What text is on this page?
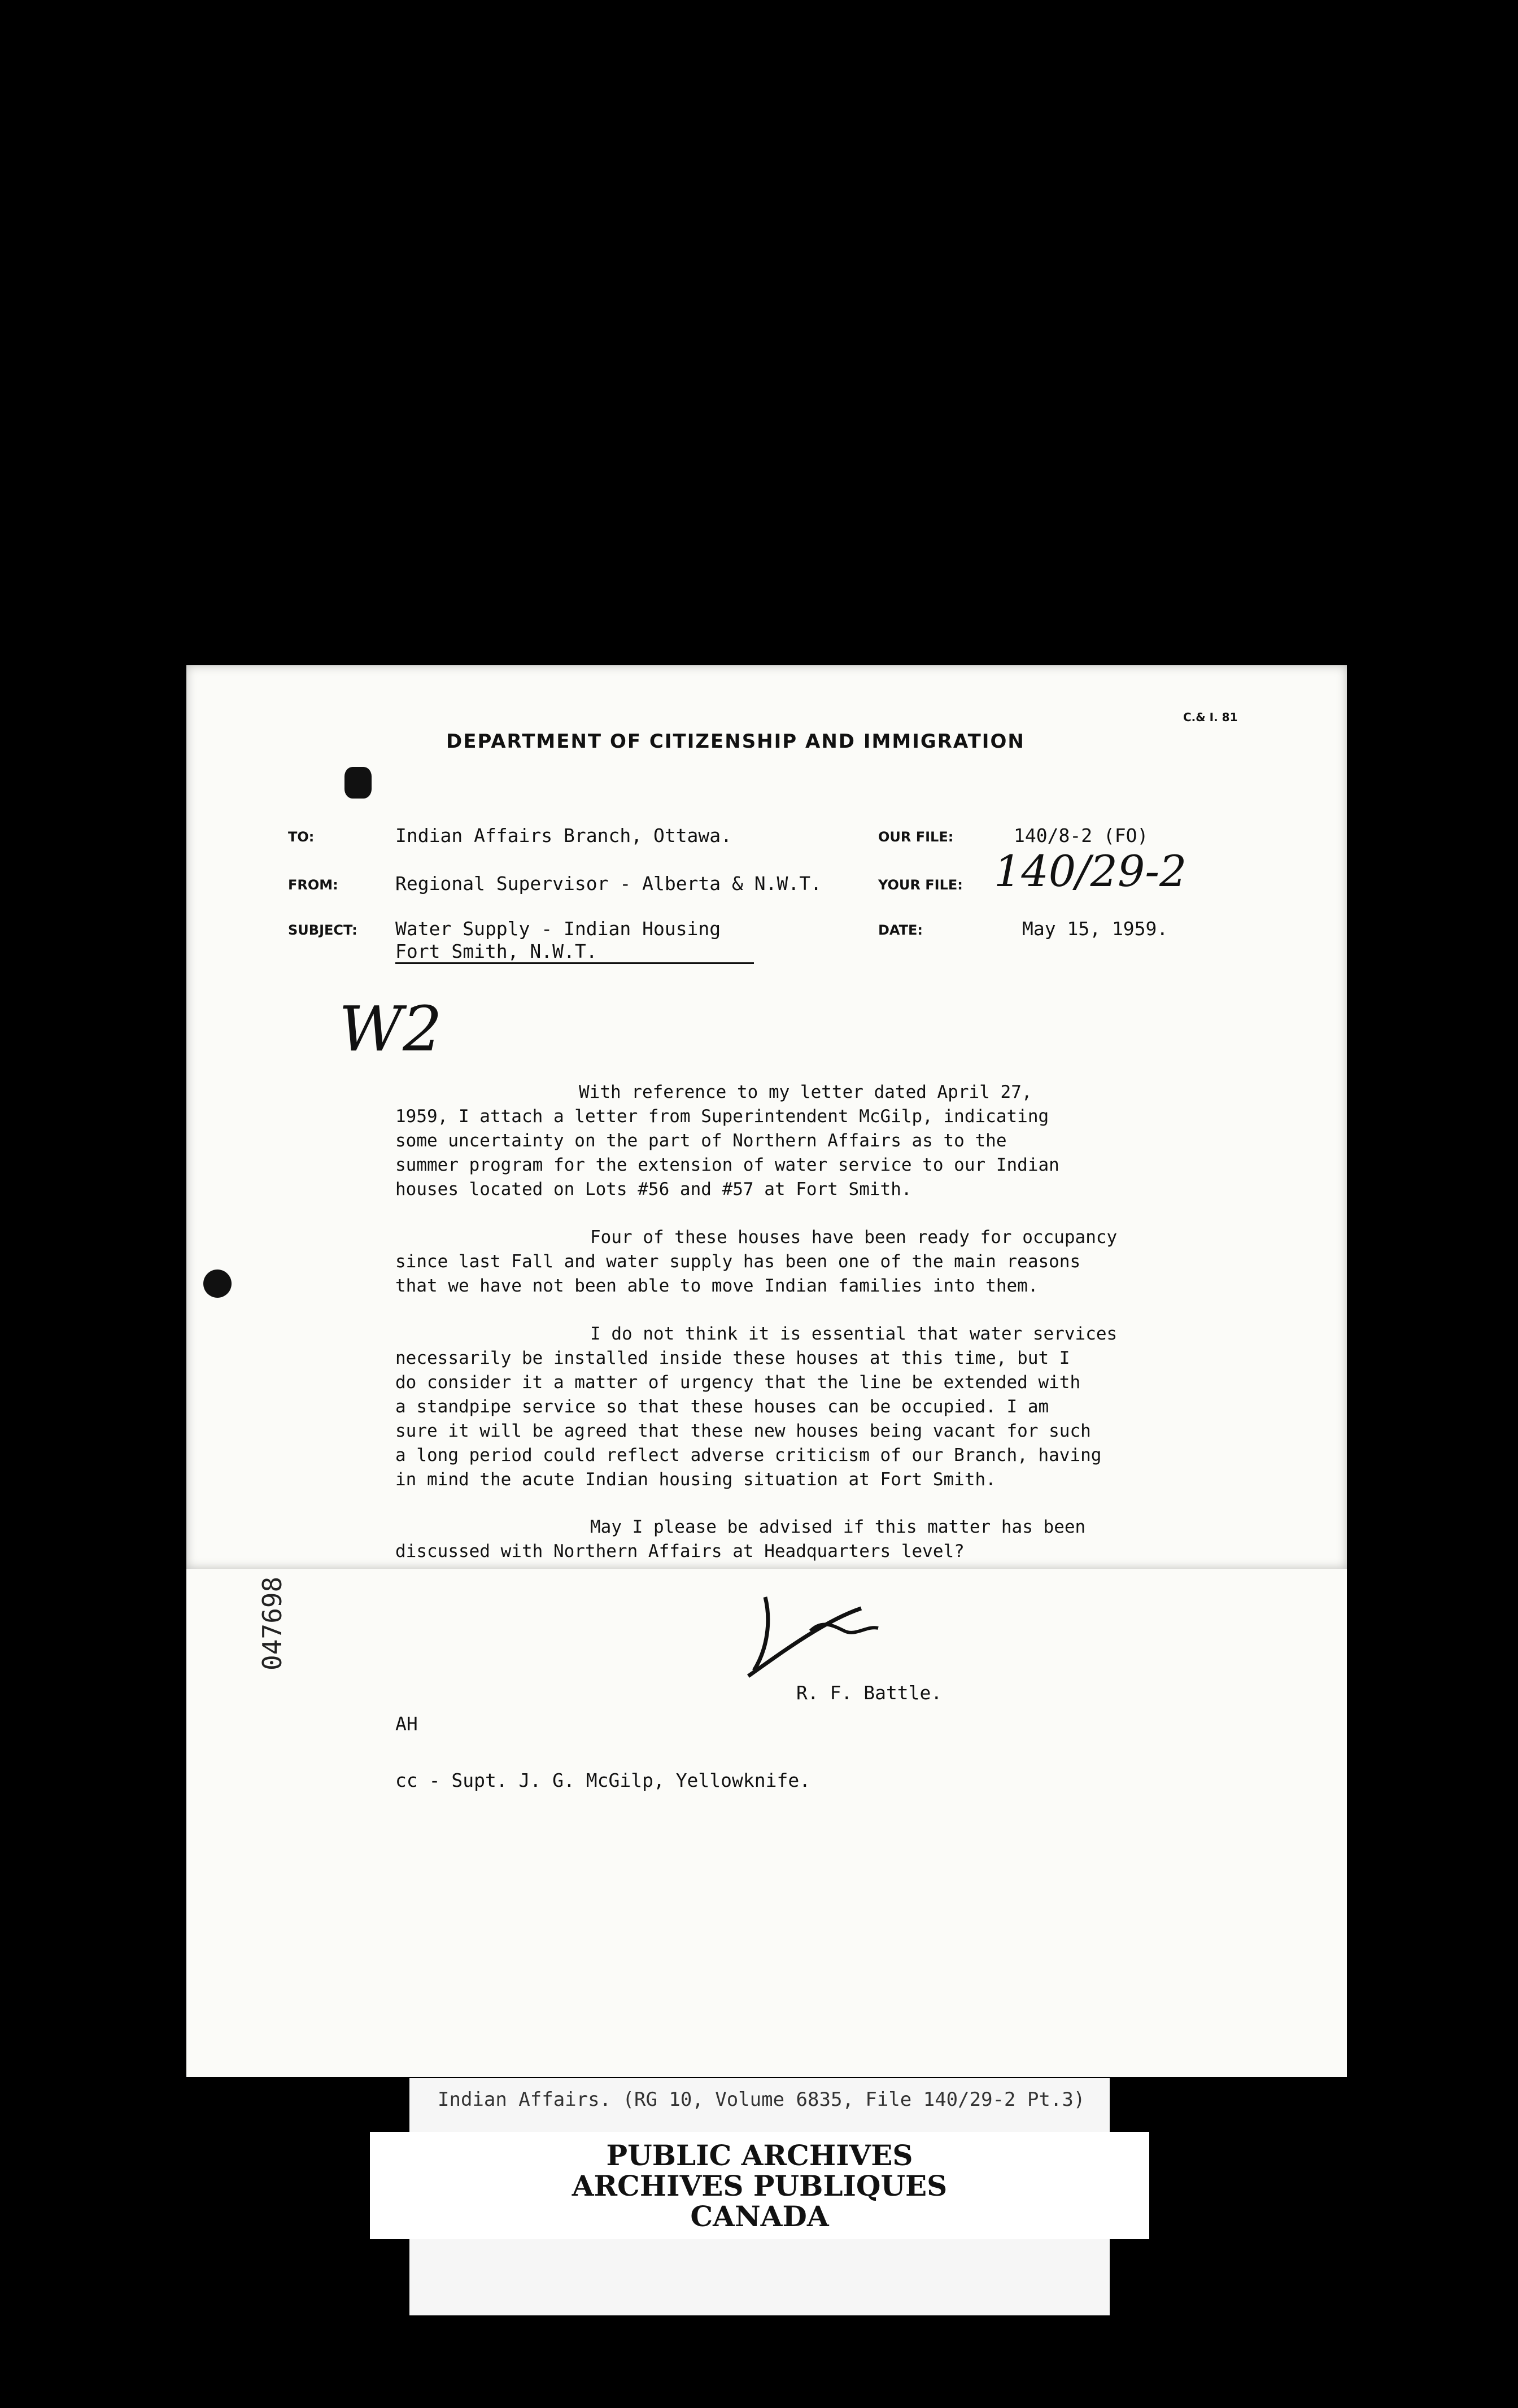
C.& I. 81
DEPARTMENT OF CITIZENSHIP AND IMMIGRATION
TO:	Indian Affairs Branch, Ottawa.
FROM:	Regional Supervisor - Alberta & N.W.T.
SUBJECT: Water Supply - Indian Housing
Fort Smith, N.W.T.
OUR FILE:	140/8-2 (FO)
YOUR FILE: 140/29-2
DATE:	May 15, 1959.
W2
With reference to my letter dated April 27,
1959, I attach a letter from Superintendent McGilp, indicating
some uncertainty on the part of Northern Affairs as to the
summer program for the extension of water service to our Indian
houses located on Lots #56 and #57 at Fort Smith.
Four of these houses have been ready for occupancy
since last Fall and water supply has been one of the main reasons
that we have not been able to move Indian families into them.
I do not think it is essential that water services
necessarily be installed inside these houses at this time, but I
do consider it a matter of urgency that the line be extended with
a standpipe service so that these houses can be occupied. I am
sure it will be agreed that these new houses being vacant for such
a long period could reflect adverse criticism of our Branch, having
in mind the acute Indian housing situation at Fort Smith.
May I please be advised if this matter has been
discussed with Northern Affairs at Headquarters level?
R. F. Battle.
AH
cc - Supt. J. G. McGilp, Yellowknife.
047698
Indian Affairs. (RG 10, Volume 6835, File 140/29-2 Pt.3)
PUBLIC ARCHIVES
ARCHIVES PUBLIQUES
CANADA
